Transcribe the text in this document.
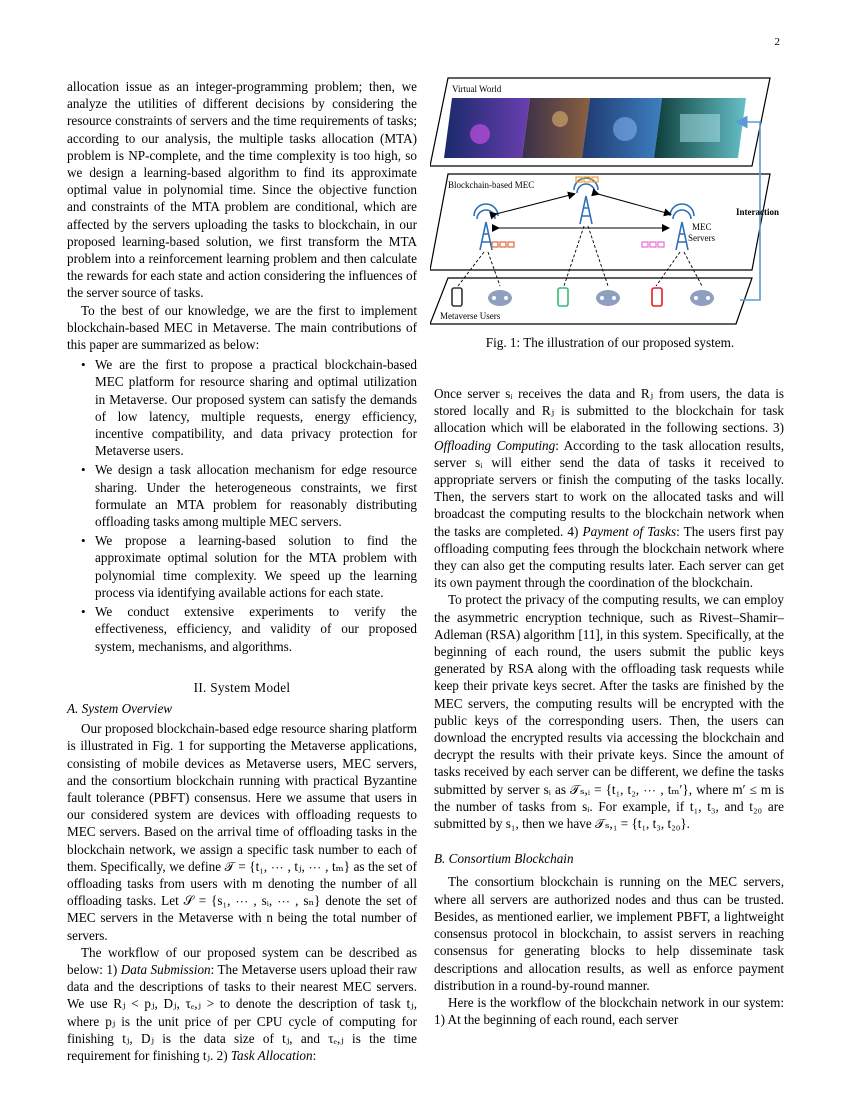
2

allocation issue as an integer-programming problem; then, we analyze the utilities of different decisions by considering the resource constraints of servers and the time requirements of tasks; according to our analysis, the multiple tasks allocation (MTA) problem is NP-complete, and the time complexity is too high, so we design a learning-based algorithm to find its approximate optimal value in polynomial time. Since the objective function and constraints of the MTA problem are conditional, which are affected by the servers uploading the tasks to blockchain, in our proposed learning-based solution, we first transform the MTA problem into a reinforcement learning problem and then calculate the rewards for each state and action considering the influences of the server source of tasks.

To the best of our knowledge, we are the first to implement blockchain-based MEC in Metaverse. The main contributions of this paper are summarized as below:

• We are the first to propose a practical blockchain-based MEC platform for resource sharing and optimal utilization in Metaverse. Our proposed system can satisfy the demands of low latency, multiple requests, energy efficiency, incentive compatibility, and data privacy protection for Metaverse users.
• We design a task allocation mechanism for edge resource sharing. Under the heterogeneous constraints, we first formulate an MTA problem for reasonably distributing offloading tasks among multiple MEC servers.
• We propose a learning-based solution to find the approximate optimal solution for the MTA problem with polynomial time complexity. We speed up the learning process via identifying available actions for each state.
• We conduct extensive experiments to verify the effectiveness, efficiency, and validity of our proposed system, mechanisms, and algorithms.
II. System Model
A. System Overview

Our proposed blockchain-based edge resource sharing platform is illustrated in Fig. 1 for supporting the Metaverse applications, consisting of mobile devices as Metaverse users, MEC servers, and the consortium blockchain running with practical Byzantine fault tolerance (PBFT) consensus. Here we assume that users in our considered system are devices with offloading requests to MEC servers. Based on the arrival time of offloading tasks in the blockchain network, we assign a specific task number to each of them. Specifically, we define 𝒯 = {t₁, ⋯ , tⱼ, ⋯ , tₘ} as the set of offloading tasks from users with m denoting the number of all offloading tasks. Let 𝒮 = {s₁, ⋯ , sᵢ, ⋯ , sₙ} denote the set of MEC servers in the Metaverse with n being the total number of servers.

The workflow of our proposed system can be described as below: 1) Data Submission: The Metaverse users upload their raw data and the descriptions of tasks to their nearest MEC servers. We use Rⱼ < pⱼ, Dⱼ, τₑ,ⱼ > to denote the description of task tⱼ, where pⱼ is the unit price of per CPU cycle of computing for finishing tⱼ, Dⱼ is the data size of tⱼ, and τₑ,ⱼ is the time requirement for finishing tⱼ. 2) Task Allocation:

Virtual World
Blockchain-based MEC
MEC
Servers
Metaverse Users
Interaction
Fig. 1: The illustration of our proposed system.

Once server sᵢ receives the data and Rⱼ from users, the data is stored locally and Rⱼ is submitted to the blockchain for task allocation which will be elaborated in the following sections. 3) Offloading Computing: According to the task allocation results, server sᵢ will either send the data of tasks it received to appropriate servers or finish the computing of the tasks locally. Then, the servers start to work on the allocated tasks and will broadcast the computing results to the blockchain network when the tasks are completed. 4) Payment of Tasks: The users first pay offloading computing fees through the blockchain network where they can also get the computing results later. Each server can get its own payment through the coordination of the blockchain.

To protect the privacy of the computing results, we can employ the asymmetric encryption technique, such as Rivest–Shamir–Adleman (RSA) algorithm [11], in this system. Specifically, at the beginning of each round, the users submit the public keys generated by RSA along with the offloading task requests while keep their private keys secret. After the tasks are finished by the MEC servers, the computing results will be encrypted with the public keys of the corresponding users. Then, the users can download the encrypted results via accessing the blockchain and decrypt the results with their private keys. Since the amount of tasks received by each server can be different, we define the tasks submitted by server sᵢ as 𝒯ₛ,ᵢ = {t₁, t₂, ⋯ , tₘ′}, where m′ ≤ m is the number of tasks from sᵢ. For example, if t₁, t₃, and t₂₀ are submitted by s₁, then we have 𝒯ₛ,₁ = {t₁, t₃, t₂₀}.

B. Consortium Blockchain

The consortium blockchain is running on the MEC servers, where all servers are authorized nodes and thus can be trusted. Besides, as mentioned earlier, we implement PBFT, a lightweight consensus protocol in blockchain, to assist servers in reaching consensus for generating blocks to help disseminate task descriptions and allocation results, as well as enforce payment distribution in a round-by-round manner.

Here is the workflow of the blockchain network in our system: 1) At the beginning of each round, each server
